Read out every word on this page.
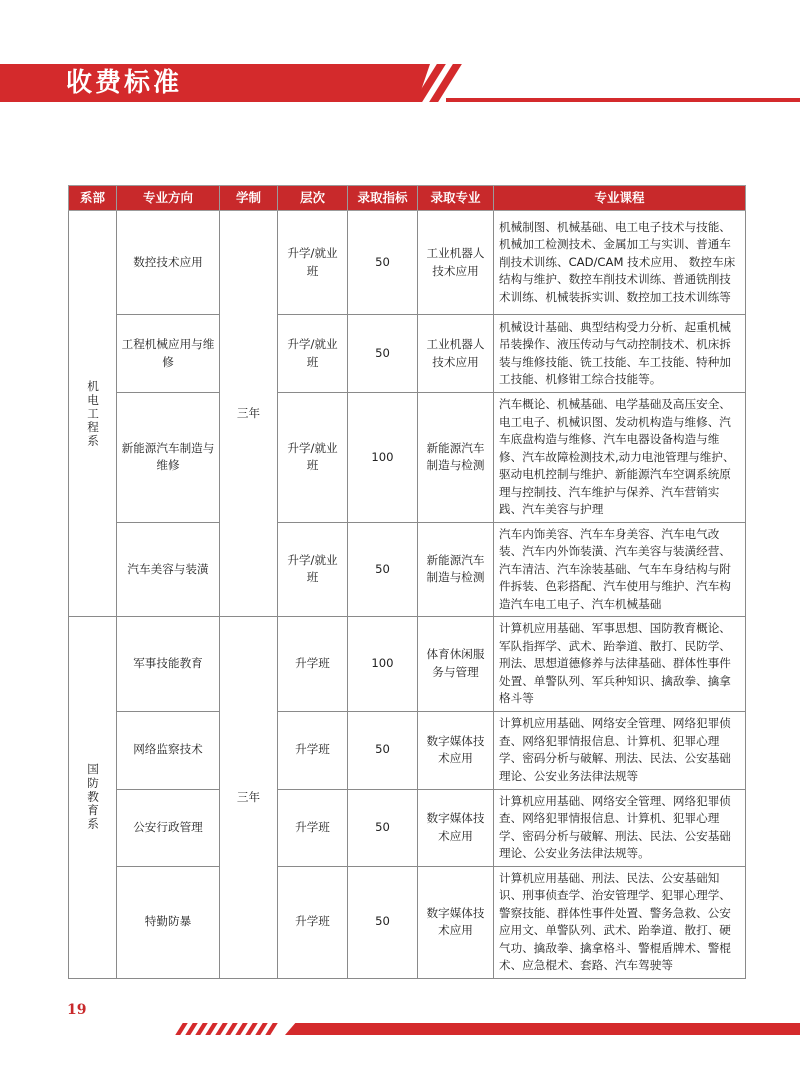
收费标准
系部	专业方向	学制	层次	录取指标	录取专业	专业课程

机电工程系	数控技术应用	三年	升学/就业班	50	工业机器人技术应用	机械制图、机械基础、电工电子技术与技能、机械加工检测技术、金属加工与实训、普通车削技术训练、CAD/CAM 技术应用、 数控车床结构与维护、数控车削技术训练、普通铣削技术训练、机械装拆实训、数控加工技术训练等
	工程机械应用与维修		升学/就业班	50	工业机器人技术应用	机械设计基础、典型结构受力分析、起重机械吊装操作、液压传动与气动控制技术、机床拆装与维修技能、铣工技能、车工技能、特种加工技能、机修钳工综合技能等。
	新能源汽车制造与维修		升学/就业班	100	新能源汽车制造与检测	汽车概论、机械基础、电学基础及高压安全、电工电子、机械识图、发动机构造与维修、汽车底盘构造与维修、汽车电器设备构造与维修、汽车故障检测技术,动力电池管理与维护、驱动电机控制与维护、新能源汽车空调系统原理与控制技、汽车维护与保养、汽车营销实践、汽车美容与护理
	汽车美容与装潢		升学/就业班	50	新能源汽车制造与检测	汽车内饰美容、汽车车身美容、汽车电气改装、汽车内外饰装潢、汽车美容与装潢经营、汽车清洁、汽车涂装基础、气车车身结构与附件拆装、色彩搭配、汽车使用与维护、汽车构造汽车电工电子、汽车机械基础

国防教育系	军事技能教育	三年	升学班	100	体育休闲服务与管理	计算机应用基础、军事思想、国防教育概论、军队指挥学、武术、跆拳道、散打、民防学、刑法、思想道德修养与法律基础、群体性事件处置、单警队列、军兵种知识、擒敌拳、擒拿格斗等
	网络监察技术		升学班	50	数字媒体技术应用	计算机应用基础、网络安全管理、网络犯罪侦查、网络犯罪情报信息、计算机、犯罪心理学、密码分析与破解、刑法、民法、公安基础理论、公安业务法律法规等
	公安行政管理		升学班	50	数字媒体技术应用	计算机应用基础、网络安全管理、网络犯罪侦查、网络犯罪情报信息、计算机、犯罪心理学、密码分析与破解、刑法、民法、公安基础理论、公安业务法律法规等。
	特勤防暴		升学班	50	数字媒体技术应用	计算机应用基础、刑法、民法、公安基础知识、刑事侦查学、治安管理学、犯罪心理学、警察技能、群体性事件处置、警务急救、公安应用文、单警队列、武术、跆拳道、散打、硬气功、擒敌拳、擒拿格斗、警棍盾牌术、警棍术、应急棍术、套路、汽车驾驶等
19
